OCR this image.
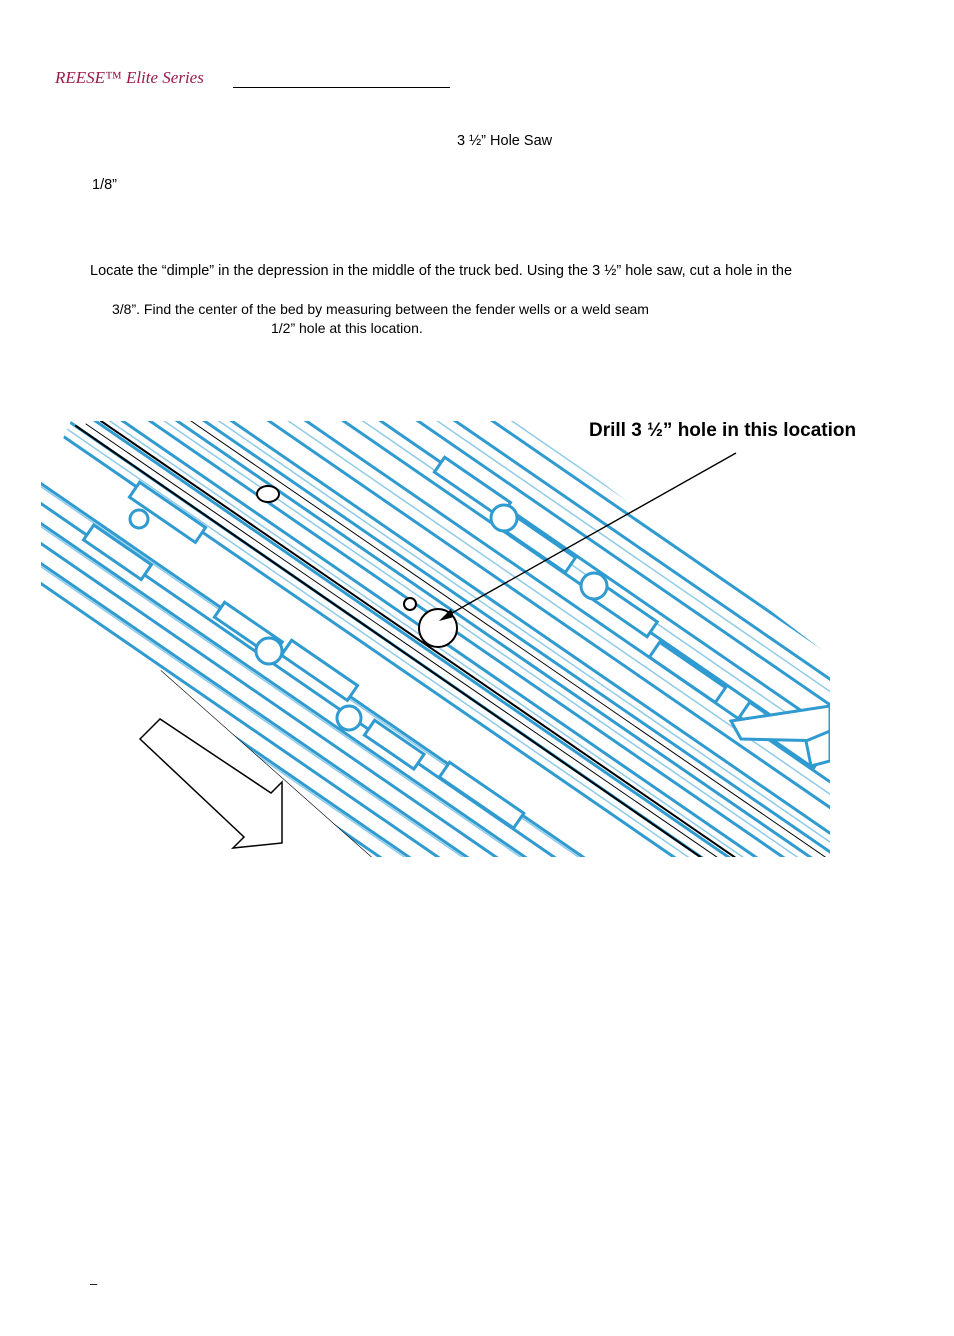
REESE™ Elite Series
3 ½” Hole Saw
1/8”
Locate the “dimple” in the depression in the middle of the truck bed. Using the 3 ½” hole saw, cut a hole in the
3/8”. Find the center of the bed by measuring between the fender wells or a weld seam
1/2” hole at this location.
Drill 3 ½” hole in this location
–
